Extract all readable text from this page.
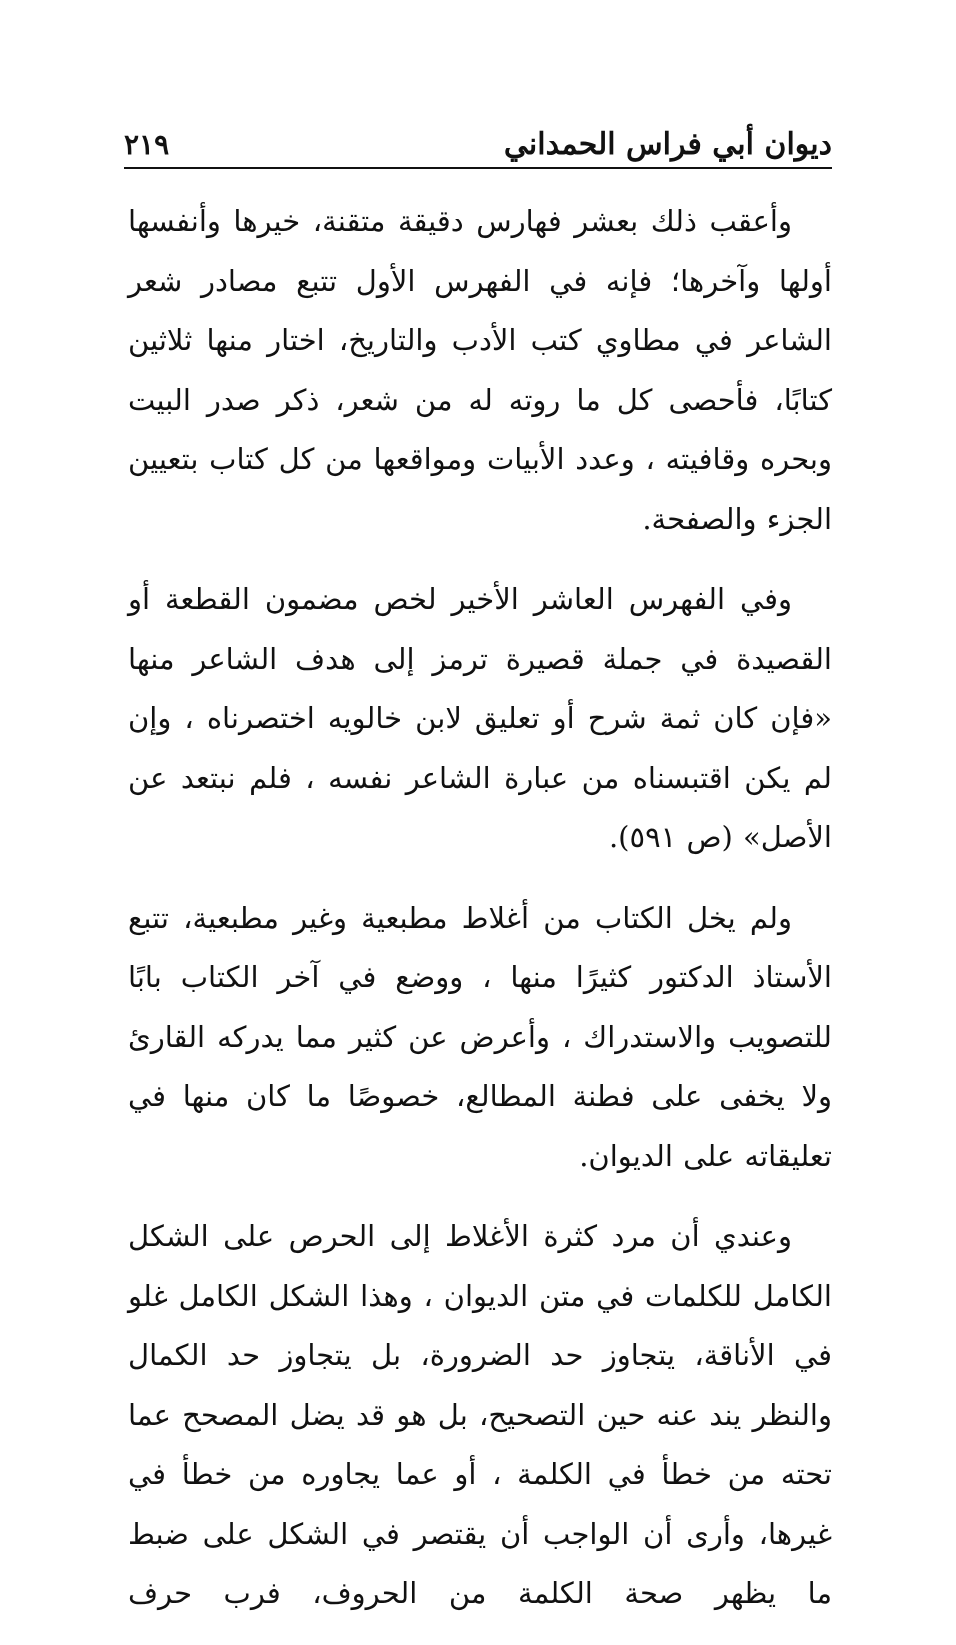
ديوان أبي فراس الحمداني
٢١٩

وأعقب ذلك بعشر فهارس دقيقة متقنة، خيرها وأنفسها أولها وآخرها؛ فإنه في الفهرس الأول تتبع مصادر شعر الشاعر في مطاوي كتب الأدب والتاريخ، اختار منها ثلاثين كتابًا، فأحصى كل ما روته له من شعر، ذكر صدر البيت وبحره وقافيته ، وعدد الأبيات ومواقعها من كل كتاب بتعيين الجزء والصفحة.

وفي الفهرس العاشر الأخير لخص مضمون القطعة أو القصيدة في جملة قصيرة ترمز إلى هدف الشاعر منها «فإن كان ثمة شرح أو تعليق لابن خالويه اختصرناه ، وإن لم يكن اقتبسناه من عبارة الشاعر نفسه ، فلم نبتعد عن الأصل» (ص ٥٩١).

ولم يخل الكتاب من أغلاط مطبعية وغير مطبعية، تتبع الأستاذ الدكتور كثيرًا منها ، ووضع في آخر الكتاب بابًا للتصويب والاستدراك ، وأعرض عن كثير مما يدركه القارئ ولا يخفى على فطنة المطالع، خصوصًا ما كان منها في تعليقاته على الديوان.

وعندي أن مرد كثرة الأغلاط إلى الحرص على الشكل الكامل للكلمات في متن الديوان ، وهذا الشكل الكامل غلو في الأناقة، يتجاوز حد الضرورة، بل يتجاوز حد الكمال والنظر يند عنه حين التصحيح، بل هو قد يضل المصحح عما تحته من خطأ في الكلمة ، أو عما يجاوره من خطأ في غيرها، وأرى أن الواجب أن يقتصر في الشكل على ضبط ما يظهر صحة الكلمة من الحروف، فرب حرف
